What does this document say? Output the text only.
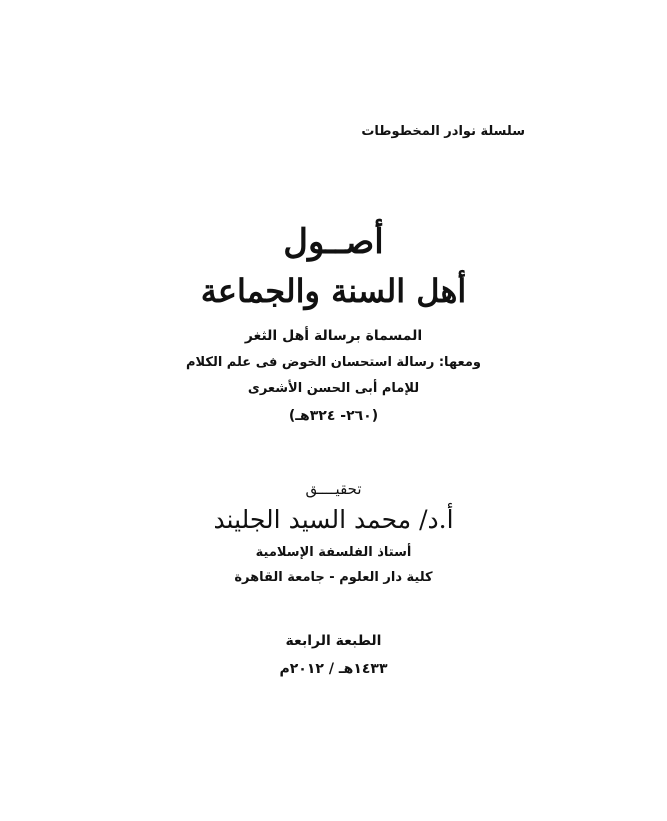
سلسلة نوادر المخطوطات
أصــول
أهل السنة والجماعة
المسماة برسالة أهل الثغر
ومعها: رسالة استحسان الخوض فى علم الكلام
للإمام أبى الحسن الأشعرى
(٢٦٠- ٣٢٤هـ)
تحقيــــق
أ.د/ محمد السيد الجليند
أستاذ الفلسفة الإسلامية
كلية دار العلوم - جامعة القاهرة
الطبعة الرابعة
١٤٣٣هـ / ٢٠١٢م
